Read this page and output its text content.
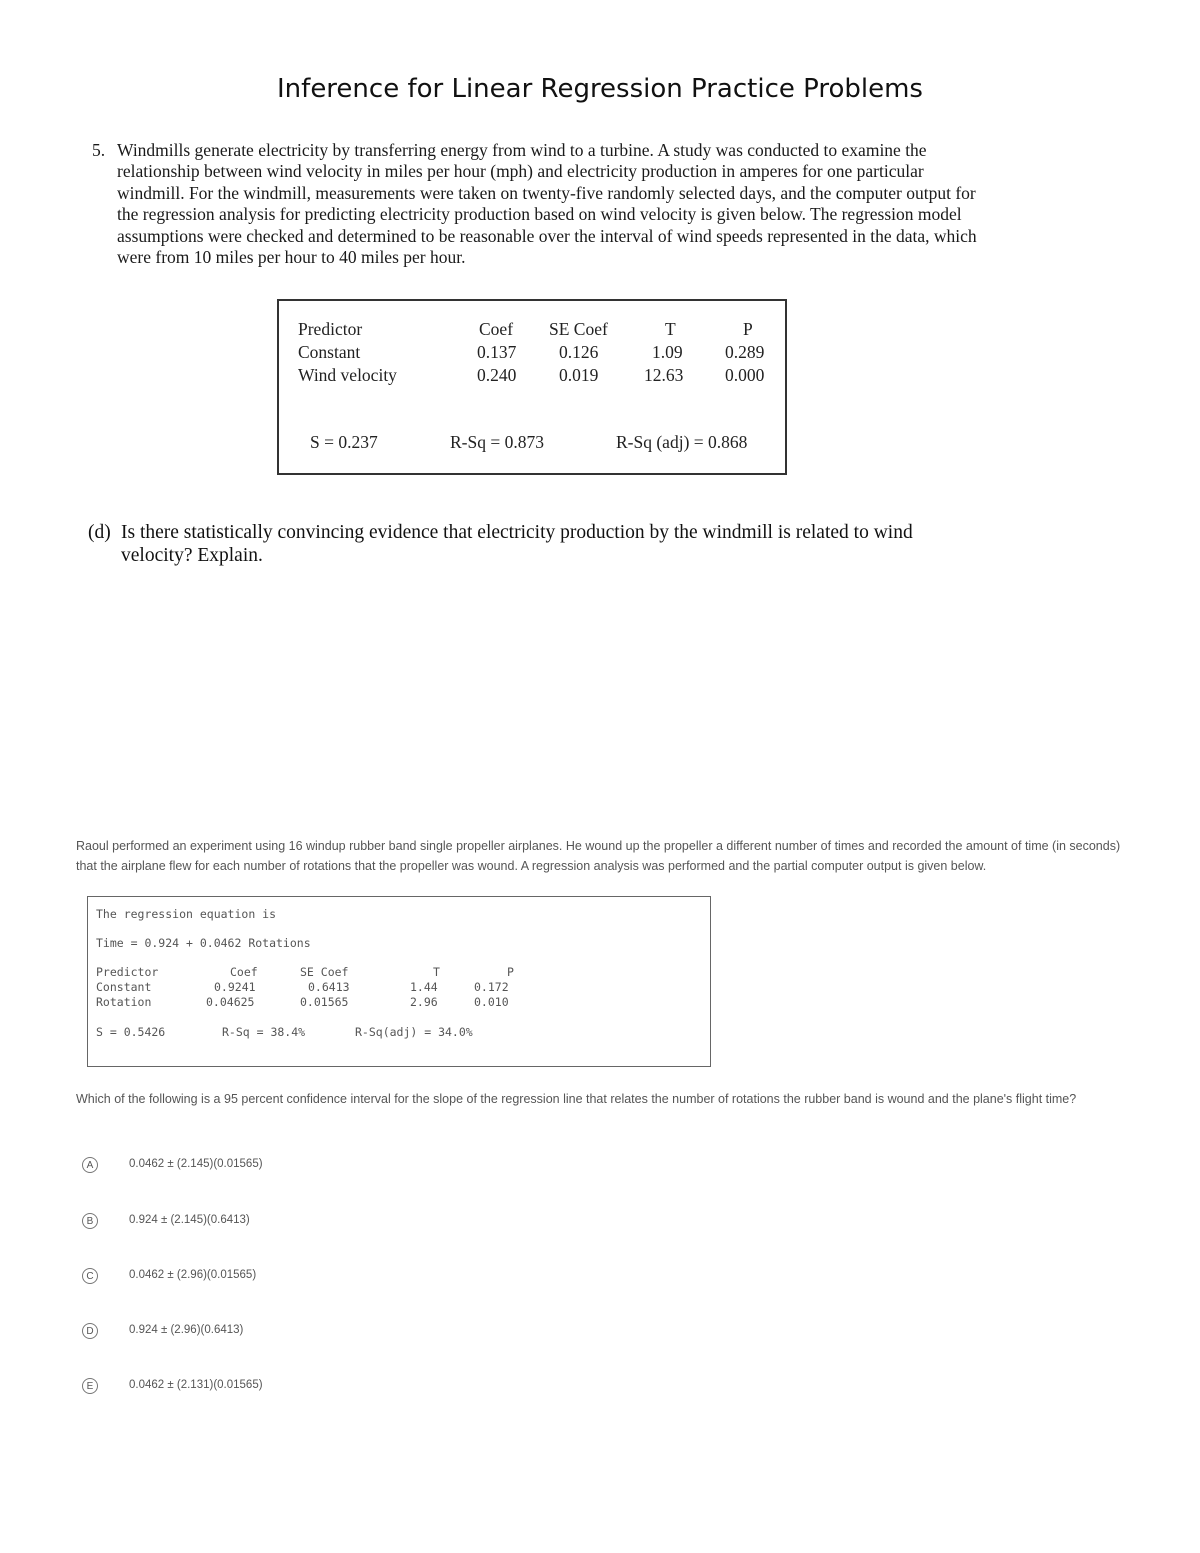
Inference for Linear Regression Practice Problems
5. Windmills generate electricity by transferring energy from wind to a turbine. A study was conducted to examine the relationship between wind velocity in miles per hour (mph) and electricity production in amperes for one particular windmill. For the windmill, measurements were taken on twenty-five randomly selected days, and the computer output for the regression analysis for predicting electricity production based on wind velocity is given below. The regression model assumptions were checked and determined to be reasonable over the interval of wind speeds represented in the data, which were from 10 miles per hour to 40 miles per hour.
Predictor	Coef SE Coef	T	P
Constant	0.137 0.126	1.09 0.289
Wind velocity	0.240 0.019	12.63 0.000
S = 0.237	R-Sq = 0.873	R-Sq (adj) = 0.868
(d) Is there statistically convincing evidence that electricity production by the windmill is related to wind velocity? Explain.
Raoul performed an experiment using 16 windup rubber band single propeller airplanes. He wound up the propeller a different number of times and recorded the amount of time (in seconds) that the airplane flew for each number of rotations that the propeller was wound. A regression analysis was performed and the partial computer output is given below.
The regression equation is
Time = 0.924 + 0.0462 Rotations
Predictor	Coef	SE Coef	T	P
Constant	0.9241	0.6413	1.44	0.172
Rotation	0.04625	0.01565	2.96	0.010
S = 0.5426	R-Sq = 38.4%	R-Sq(adj) = 34.0%
Which of the following is a 95 percent confidence interval for the slope of the regression line that relates the number of rotations the rubber band is wound and the plane's flight time?
A	0.0462 ± (2.145)(0.01565)
B	0.924 ± (2.145)(0.6413)
C	0.0462 ± (2.96)(0.01565)
D	0.924 ± (2.96)(0.6413)
E	0.0462 ± (2.131)(0.01565)
